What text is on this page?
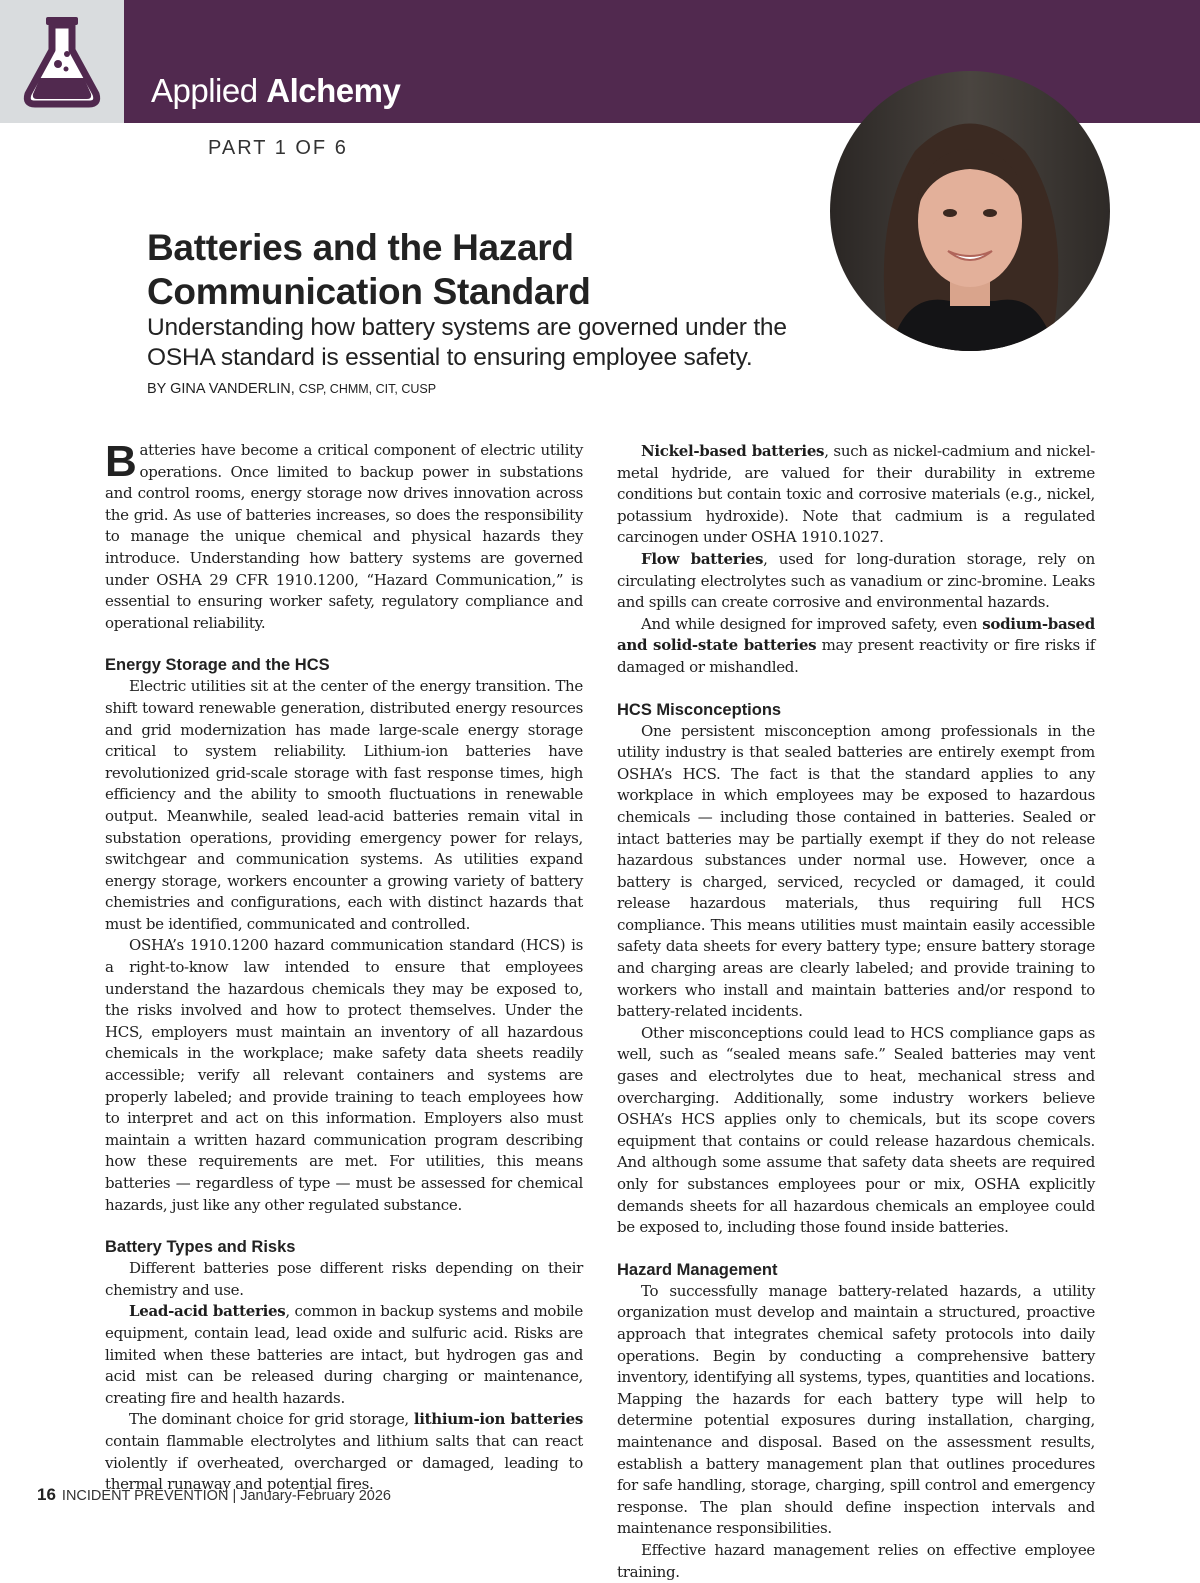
Applied Alchemy
PART 1 OF 6
Batteries and the Hazard Communication Standard

Understanding how battery systems are governed under the OSHA standard is essential to ensuring employee safety.

BY GINA VANDERLIN, CSP, CHMM, CIT, CUSP

Batteries have become a critical component of electric utility operations. Once limited to backup power in substations and control rooms, energy storage now drives innovation across the grid. As use of batteries increases, so does the responsibility to manage the unique chemical and physical hazards they introduce. Understanding how battery systems are governed under OSHA 29 CFR 1910.1200, “Hazard Communication,” is essential to ensuring worker safety, regulatory compliance and operational reliability.

Energy Storage and the HCS

Electric utilities sit at the center of the energy transition. The shift toward renewable generation, distributed energy resources and grid modernization has made large-scale energy storage critical to system reliability. Lithium-ion batteries have revolutionized grid-scale storage with fast response times, high efficiency and the ability to smooth fluctuations in renewable output. Meanwhile, sealed lead-acid batteries remain vital in substation operations, providing emergency power for relays, switchgear and communication systems. As utilities expand energy storage, workers encounter a growing variety of battery chemistries and configurations, each with distinct hazards that must be identified, communicated and controlled.

OSHA’s 1910.1200 hazard communication standard (HCS) is a right-to-know law intended to ensure that employees understand the hazardous chemicals they may be exposed to, the risks involved and how to protect themselves. Under the HCS, employers must maintain an inventory of all hazardous chemicals in the workplace; make safety data sheets readily accessible; verify all relevant containers and systems are properly labeled; and provide training to teach employees how to interpret and act on this information. Employers also must maintain a written hazard communication program describing how these requirements are met. For utilities, this means batteries — regardless of type — must be assessed for chemical hazards, just like any other regulated substance.

Battery Types and Risks

Different batteries pose different risks depending on their chemistry and use.

Lead-acid batteries, common in backup systems and mobile equipment, contain lead, lead oxide and sulfuric acid. Risks are limited when these batteries are intact, but hydrogen gas and acid mist can be released during charging or maintenance, creating fire and health hazards.

The dominant choice for grid storage, lithium-ion batteries contain flammable electrolytes and lithium salts that can react violently if overheated, overcharged or damaged, leading to thermal runaway and potential fires.

Nickel-based batteries, such as nickel-cadmium and nickel-metal hydride, are valued for their durability in extreme conditions but contain toxic and corrosive materials (e.g., nickel, potassium hydroxide). Note that cadmium is a regulated carcinogen under OSHA 1910.1027.

Flow batteries, used for long-duration storage, rely on circulating electrolytes such as vanadium or zinc-bromine. Leaks and spills can create corrosive and environmental hazards.

And while designed for improved safety, even sodium-based and solid-state batteries may present reactivity or fire risks if damaged or mishandled.

HCS Misconceptions

One persistent misconception among professionals in the utility industry is that sealed batteries are entirely exempt from OSHA’s HCS. The fact is that the standard applies to any workplace in which employees may be exposed to hazardous chemicals — including those contained in batteries. Sealed or intact batteries may be partially exempt if they do not release hazardous substances under normal use. However, once a battery is charged, serviced, recycled or damaged, it could release hazardous materials, thus requiring full HCS compliance. This means utilities must maintain easily accessible safety data sheets for every battery type; ensure battery storage and charging areas are clearly labeled; and provide training to workers who install and maintain batteries and/or respond to battery-related incidents.

Other misconceptions could lead to HCS compliance gaps as well, such as “sealed means safe.” Sealed batteries may vent gases and electrolytes due to heat, mechanical stress and overcharging. Additionally, some industry workers believe OSHA’s HCS applies only to chemicals, but its scope covers equipment that contains or could release hazardous chemicals. And although some assume that safety data sheets are required only for substances employees pour or mix, OSHA explicitly demands sheets for all hazardous chemicals an employee could be exposed to, including those found inside batteries.

Hazard Management

To successfully manage battery-related hazards, a utility organization must develop and maintain a structured, proactive approach that integrates chemical safety protocols into daily operations. Begin by conducting a comprehensive battery inventory, identifying all systems, types, quantities and locations. Mapping the hazards for each battery type will help to determine potential exposures during installation, charging, maintenance and disposal. Based on the assessment results, establish a battery management plan that outlines procedures for safe handling, storage, charging, spill control and emergency response. The plan should define inspection intervals and maintenance responsibilities.

Effective hazard management relies on effective employee training.

16 INCIDENT PREVENTION | January-February 2026
